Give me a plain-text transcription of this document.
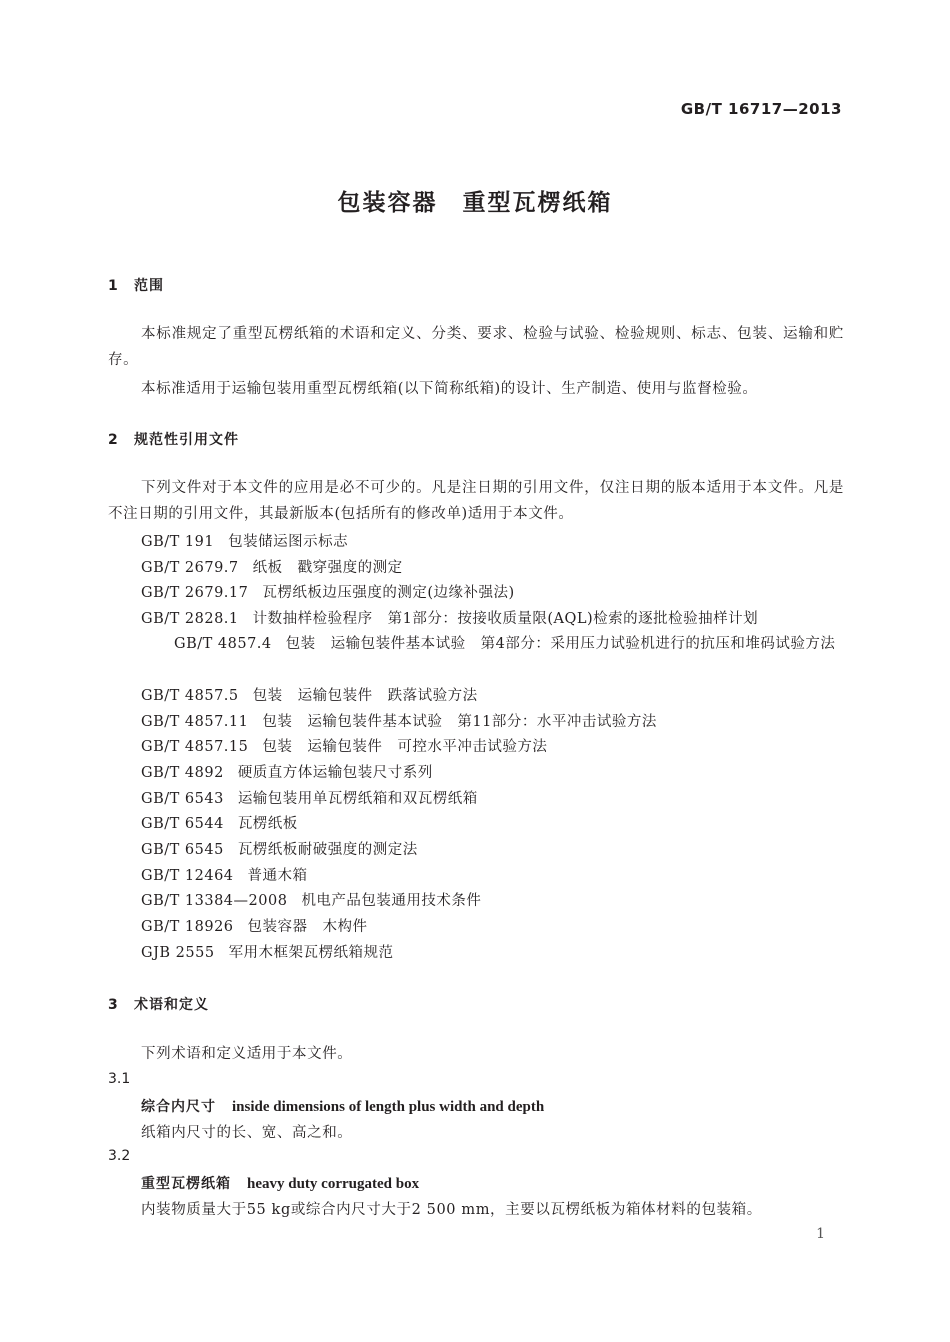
GB/T 16717—2013
包装容器　重型瓦楞纸箱
1 范围
本标准规定了重型瓦楞纸箱的术语和定义、分类、要求、检验与试验、检验规则、标志、包装、运输和贮存。
本标准适用于运输包装用重型瓦楞纸箱(以下简称纸箱)的设计、生产制造、使用与监督检验。
2 规范性引用文件
下列文件对于本文件的应用是必不可少的。凡是注日期的引用文件，仅注日期的版本适用于本文件。凡是不注日期的引用文件，其最新版本(包括所有的修改单)适用于本文件。
GB/T 191 包装储运图示标志
GB/T 2679.7 纸板　戳穿强度的测定
GB/T 2679.17 瓦楞纸板边压强度的测定(边缘补强法)
GB/T 2828.1 计数抽样检验程序　第1部分：按接收质量限(AQL)检索的逐批检验抽样计划
GB/T 4857.4 包装　运输包装件基本试验　第4部分：采用压力试验机进行的抗压和堆码试验方法
GB/T 4857.5 包装　运输包装件　跌落试验方法
GB/T 4857.11 包装　运输包装件基本试验　第11部分：水平冲击试验方法
GB/T 4857.15 包装　运输包装件　可控水平冲击试验方法
GB/T 4892 硬质直方体运输包装尺寸系列
GB/T 6543 运输包装用单瓦楞纸箱和双瓦楞纸箱
GB/T 6544 瓦楞纸板
GB/T 6545 瓦楞纸板耐破强度的测定法
GB/T 12464 普通木箱
GB/T 13384—2008 机电产品包装通用技术条件
GB/T 18926 包装容器　木构件
GJB 2555 军用木框架瓦楞纸箱规范
3 术语和定义
下列术语和定义适用于本文件。
3.1
综合内尺寸 inside dimensions of length plus width and depth
纸箱内尺寸的长、宽、高之和。
3.2
重型瓦楞纸箱 heavy duty corrugated box
内装物质量大于55 kg或综合内尺寸大于2 500 mm，主要以瓦楞纸板为箱体材料的包装箱。
1
